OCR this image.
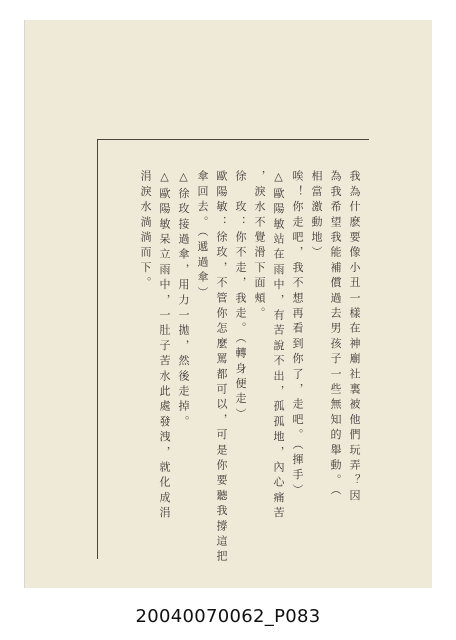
我為什麽要像小丑一樣在神廟社裏被他們玩弄？因
為我希望我能補償過去男孩子一些無知的舉動。（
相當激動地）
唉！你走吧，我不想再看到你了，走吧。（揮手）
△歐陽敏站在雨中，有苦說不出，孤孤地，內心痛苦
，淚水不覺滑下面頰。
徐　玫：你不走，我走。（轉身便走）
歐陽敏：徐玫，不管你怎麼罵都可以，可是你要聽我撐這把
傘回去。（遞過傘）
△徐玫接過傘，用力一拋，然後走掉。
△歐陽敏呆立雨中，一肚子苦水此處發洩，就化成涓
涓淚水淌淌而下。
20040070062_P083
